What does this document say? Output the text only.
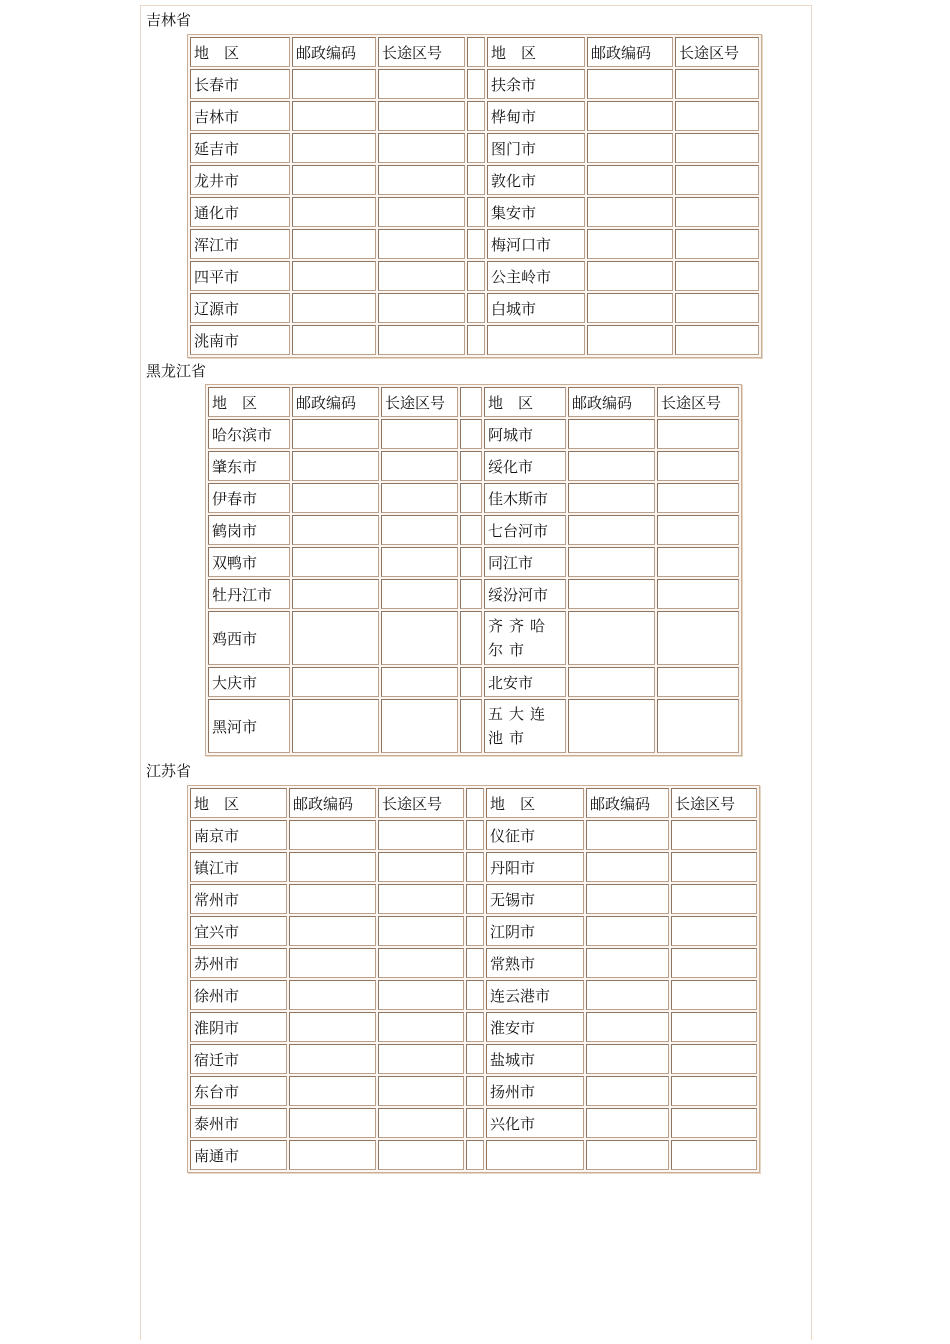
吉林省
地　区	邮政编码	长途区号		地　区	邮政编码	长途区号
长春市				扶余市		
吉林市				桦甸市		
延吉市				图门市		
龙井市				敦化市		
通化市				集安市		
浑江市				梅河口市		
四平市				公主岭市		
辽源市				白城市		
洮南市						
黑龙江省
地　区	邮政编码	长途区号		地　区	邮政编码	长途区号
哈尔滨市				阿城市		
肇东市				绥化市		
伊春市				佳木斯市		
鹤岗市				七台河市		
双鸭市				同江市		
牡丹江市				绥汾河市		
鸡西市				齐齐哈尔市		
大庆市				北安市		
黑河市				五大连池市		
江苏省
地　区	邮政编码	长途区号		地　区	邮政编码	长途区号
南京市				仪征市		
镇江市				丹阳市		
常州市				无锡市		
宜兴市				江阴市		
苏州市				常熟市		
徐州市				连云港市		
淮阴市				淮安市		
宿迁市				盐城市		
东台市				扬州市		
泰州市				兴化市		
南通市						
